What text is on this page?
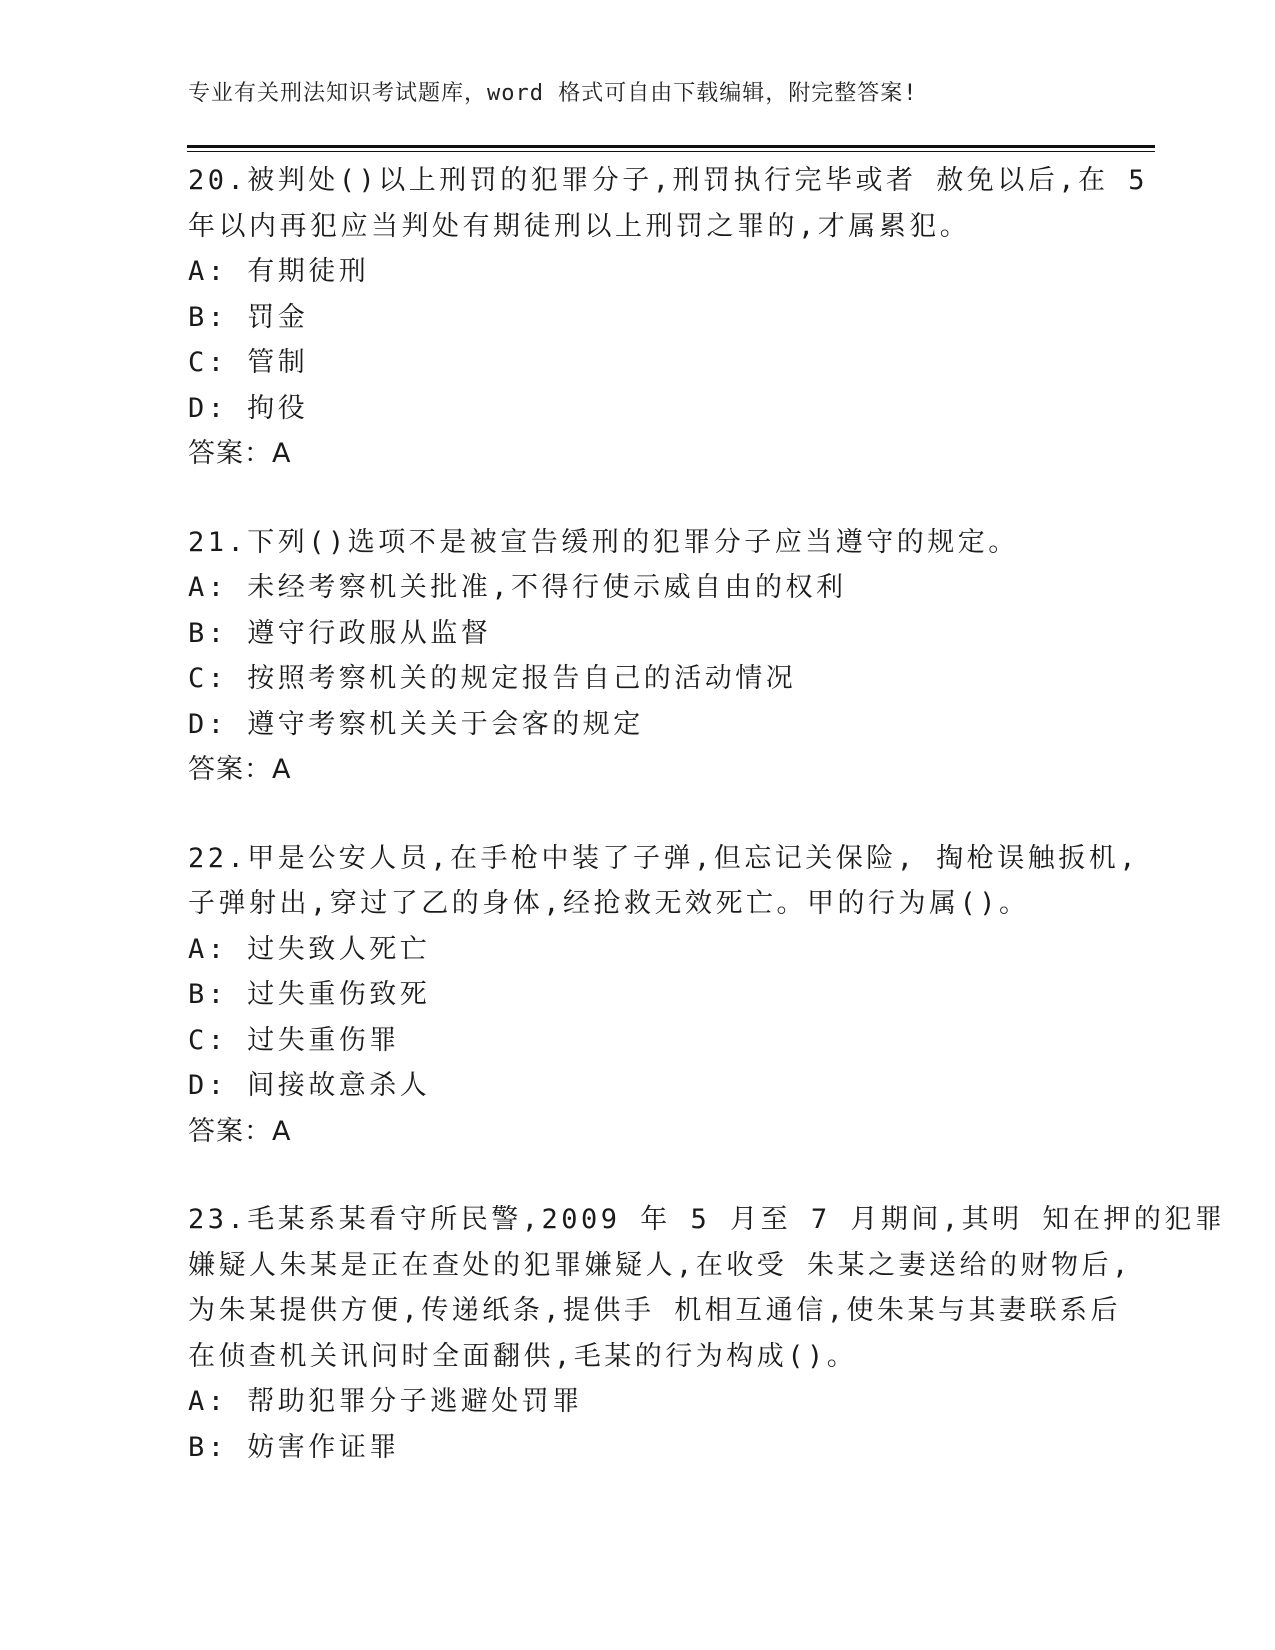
专业有关刑法知识考试题库，word 格式可自由下载编辑，附完整答案!
20.被判处()以上刑罚的犯罪分子,刑罚执行完毕或者 赦免以后,在 5
年以内再犯应当判处有期徒刑以上刑罚之罪的,才属累犯。
A: 有期徒刑
B: 罚金
C: 管制
D: 拘役
答案：A
21.下列()选项不是被宣告缓刑的犯罪分子应当遵守的规定。
A: 未经考察机关批准,不得行使示威自由的权利
B: 遵守行政服从监督
C: 按照考察机关的规定报告自己的活动情况
D: 遵守考察机关关于会客的规定
答案：A
22.甲是公安人员,在手枪中装了子弹,但忘记关保险, 掏枪误触扳机,
子弹射出,穿过了乙的身体,经抢救无效死亡。甲的行为属()。
A: 过失致人死亡
B: 过失重伤致死
C: 过失重伤罪
D: 间接故意杀人
答案：A
23.毛某系某看守所民警,2009 年 5 月至 7 月期间,其明 知在押的犯罪
嫌疑人朱某是正在查处的犯罪嫌疑人,在收受 朱某之妻送给的财物后,
为朱某提供方便,传递纸条,提供手 机相互通信,使朱某与其妻联系后
在侦查机关讯问时全面翻供,毛某的行为构成()。
A: 帮助犯罪分子逃避处罚罪
B: 妨害作证罪
